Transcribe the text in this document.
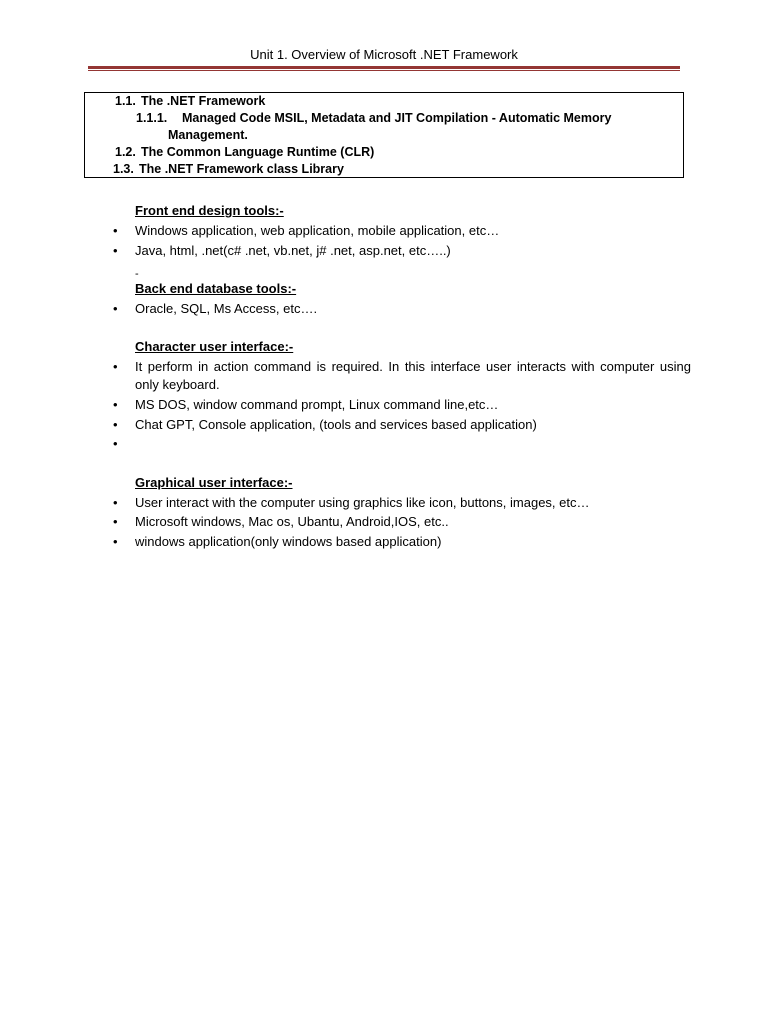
Unit 1. Overview of Microsoft .NET Framework
1.1. The .NET Framework
1.1.1. Managed Code MSIL, Metadata and JIT Compilation - Automatic Memory
Management.
1.2. The Common Language Runtime (CLR)
1.3. The .NET Framework class Library
Front end design tools:-
•	Windows application, web application, mobile application, etc…
•	Java, html, .net(c# .net, vb.net, j# .net, asp.net, etc…..)
-
Back end database tools:-
•	Oracle, SQL, Ms Access, etc….
Character user interface:-
•	It perform in action command is required. In this interface user interacts with computer using only keyboard.
•	MS DOS, window command prompt, Linux command line,etc…
•	Chat GPT, Console application, (tools and services based application)
•
Graphical user interface:-
•	User interact with the computer using graphics like icon, buttons, images, etc…
•	Microsoft windows, Mac os, Ubantu, Android,IOS, etc..
•	windows application(only windows based application)
